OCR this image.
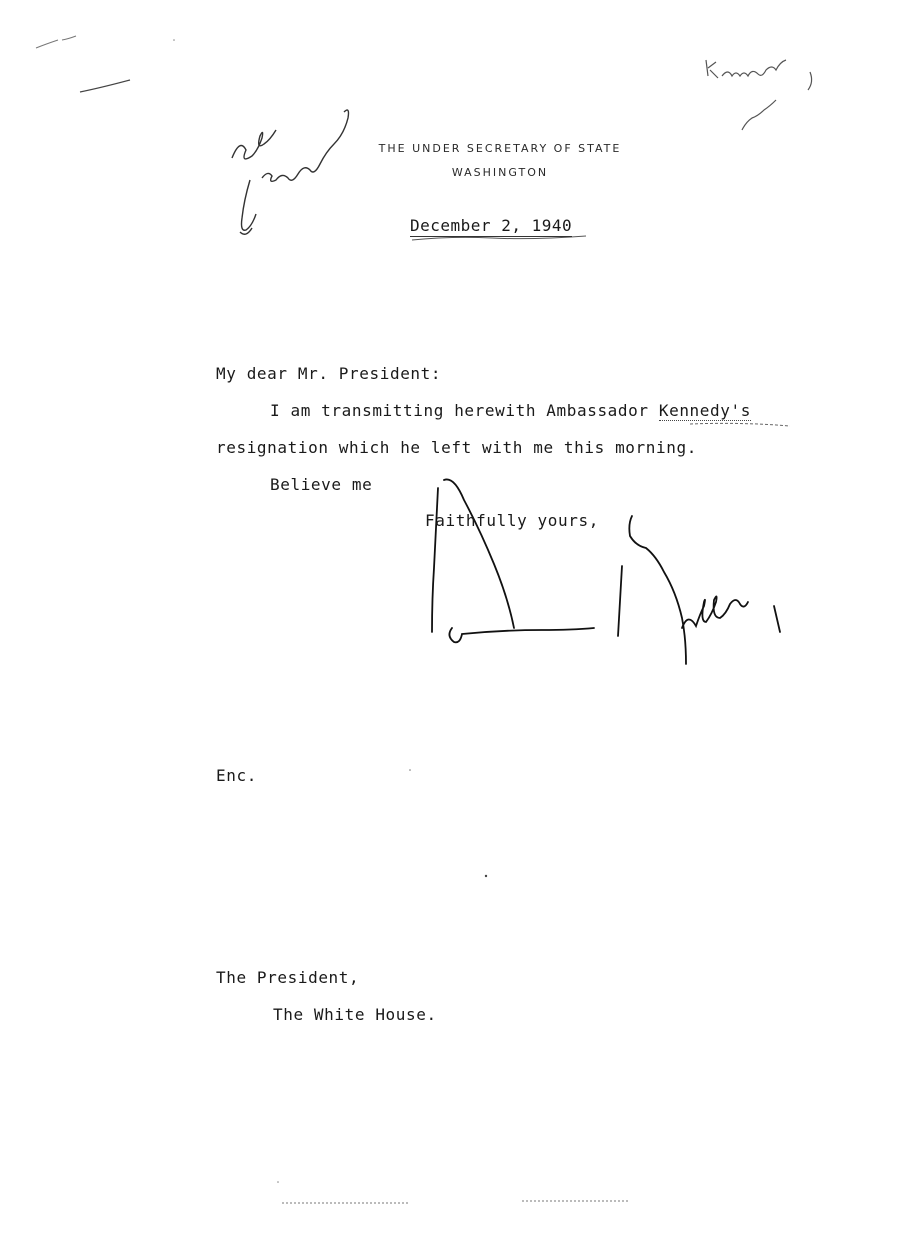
THE UNDER SECRETARY OF STATE
WASHINGTON
December 2, 1940
My dear Mr. President:
I am transmitting herewith Ambassador Kennedy's
resignation which he left with me this morning.
Believe me
Faithfully yours,
Enc.
The President,
The White House.
